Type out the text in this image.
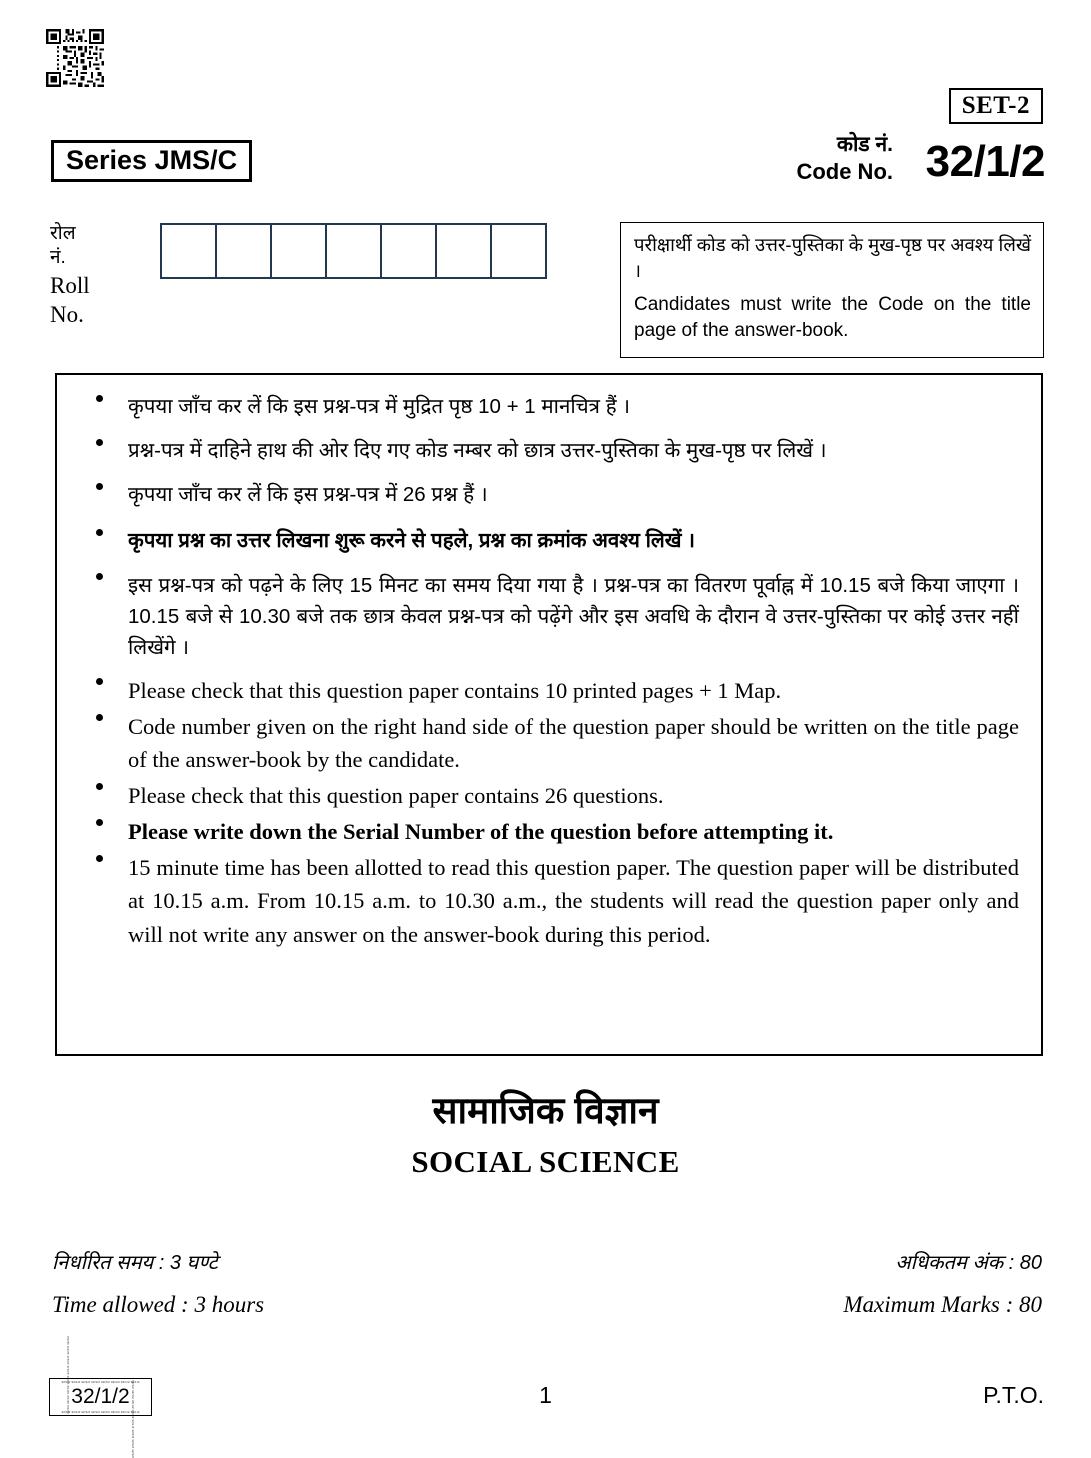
SET-2
Series JMS/C
कोड नं.
Code No. 32/1/2
रोल नं.
Roll No.
परीक्षार्थी कोड को उत्तर-पुस्तिका के मुख-पृष्ठ पर अवश्य लिखें ।
Candidates must write the Code on the title page of the answer-book.
कृपया जाँच कर लें कि इस प्रश्न-पत्र में मुद्रित पृष्ठ 10 + 1 मानचित्र हैं ।
प्रश्न-पत्र में दाहिने हाथ की ओर दिए गए कोड नम्बर को छात्र उत्तर-पुस्तिका के मुख-पृष्ठ पर लिखें ।
कृपया जाँच कर लें कि इस प्रश्न-पत्र में 26 प्रश्न हैं ।
कृपया प्रश्न का उत्तर लिखना शुरू करने से पहले, प्रश्न का क्रमांक अवश्य लिखें ।
इस प्रश्न-पत्र को पढ़ने के लिए 15 मिनट का समय दिया गया है । प्रश्न-पत्र का वितरण पूर्वाह्न में 10.15 बजे किया जाएगा । 10.15 बजे से 10.30 बजे तक छात्र केवल प्रश्न-पत्र को पढ़ेंगे और इस अवधि के दौरान वे उत्तर-पुस्तिका पर कोई उत्तर नहीं लिखेंगे ।
Please check that this question paper contains 10 printed pages + 1 Map.
Code number given on the right hand side of the question paper should be written on the title page of the answer-book by the candidate.
Please check that this question paper contains 26 questions.
Please write down the Serial Number of the question before attempting it.
15 minute time has been allotted to read this question paper. The question paper will be distributed at 10.15 a.m. From 10.15 a.m. to 10.30 a.m., the students will read the question paper only and will not write any answer on the answer-book during this period.
सामाजिक विज्ञान
SOCIAL SCIENCE
निर्धारित समय : 3 घण्टे	अधिकतम अंक : 80
Time allowed : 3 hours	Maximum Marks : 80
32/1/2 32/1/2 32/1/2 32/1/2 32/1/2 32/1/2 32/1/2 32/1/2
32/1/2 32/1/2 32/1/2 32/1/2 32/1/2 32/1/2 32/1/2 32/1/2
32/1/2 32/1/2 32/1/2 32/1/2 32/1/2 32/1/2 32/1/2 32/1/2
32/1/2 32/1/2 32/1/2 32/1/2 32/1/2 32/1/2 32/1/2 32/1/2
32/1/2	1	P.T.O.
